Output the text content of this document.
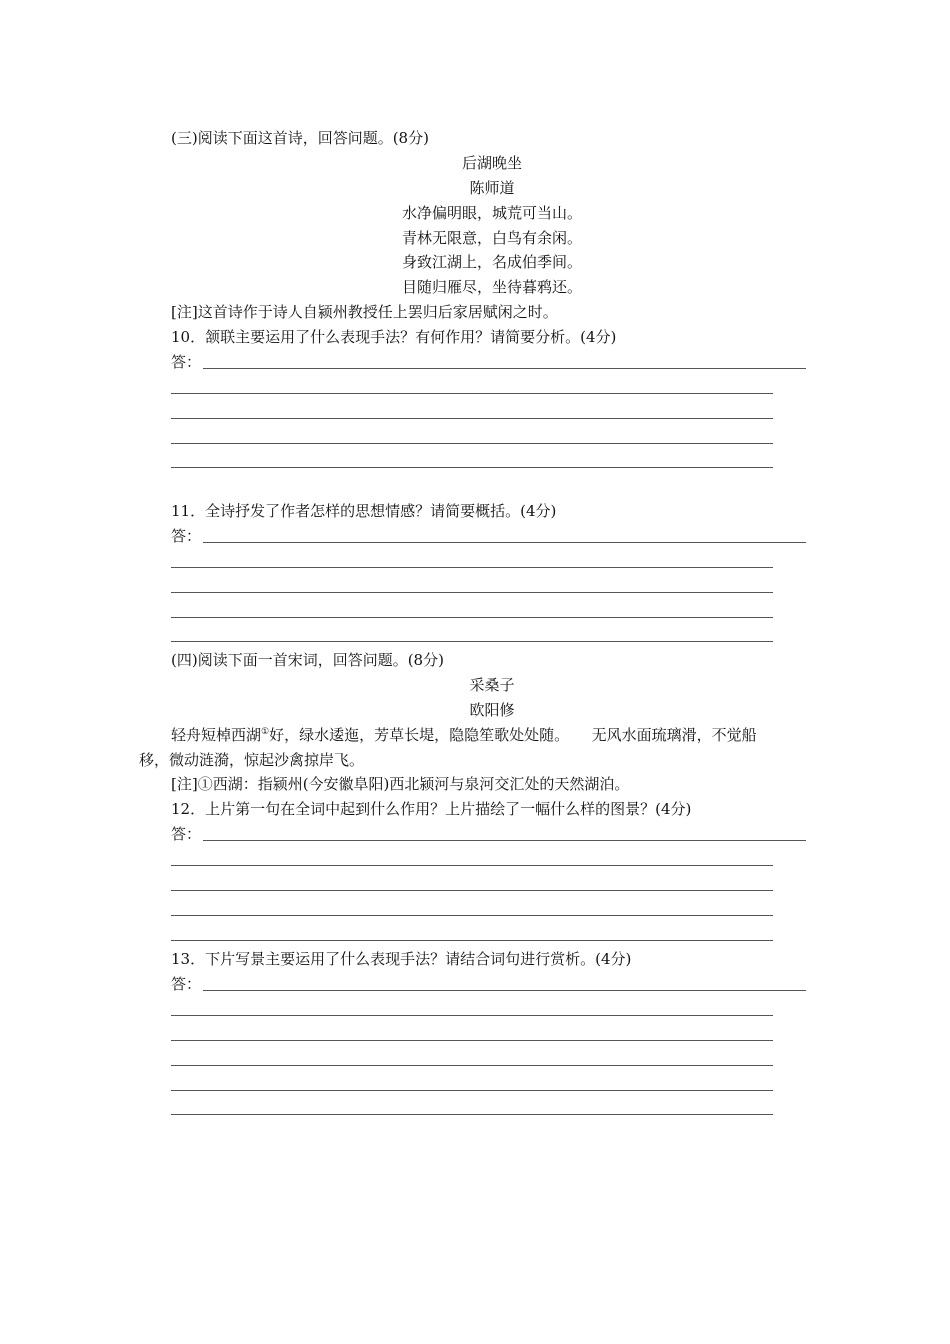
(三)阅读下面这首诗，回答问题。(8分)
后湖晚坐
陈师道
水净偏明眼，城荒可当山。
青林无限意，白鸟有余闲。
身致江湖上，名成伯季间。
目随归雁尽，坐待暮鸦还。
[注]这首诗作于诗人自颍州教授任上罢归后家居赋闲之时。
10．颔联主要运用了什么表现手法？有何作用？请简要分析。(4分)
答：
11．全诗抒发了作者怎样的思想情感？请简要概括。(4分)
答：
(四)阅读下面一首宋词，回答问题。(8分)
采桑子
欧阳修
轻舟短棹西湖①好，绿水逶迤，芳草长堤，隐隐笙歌处处随。　　无风水面琉璃滑，不觉船
移，微动涟漪，惊起沙禽掠岸飞。
[注]①西湖：指颍州(今安徽阜阳)西北颍河与泉河交汇处的天然湖泊。
12．上片第一句在全词中起到什么作用？上片描绘了一幅什么样的图景？(4分)
答：
13．下片写景主要运用了什么表现手法？请结合词句进行赏析。(4分)
答：
